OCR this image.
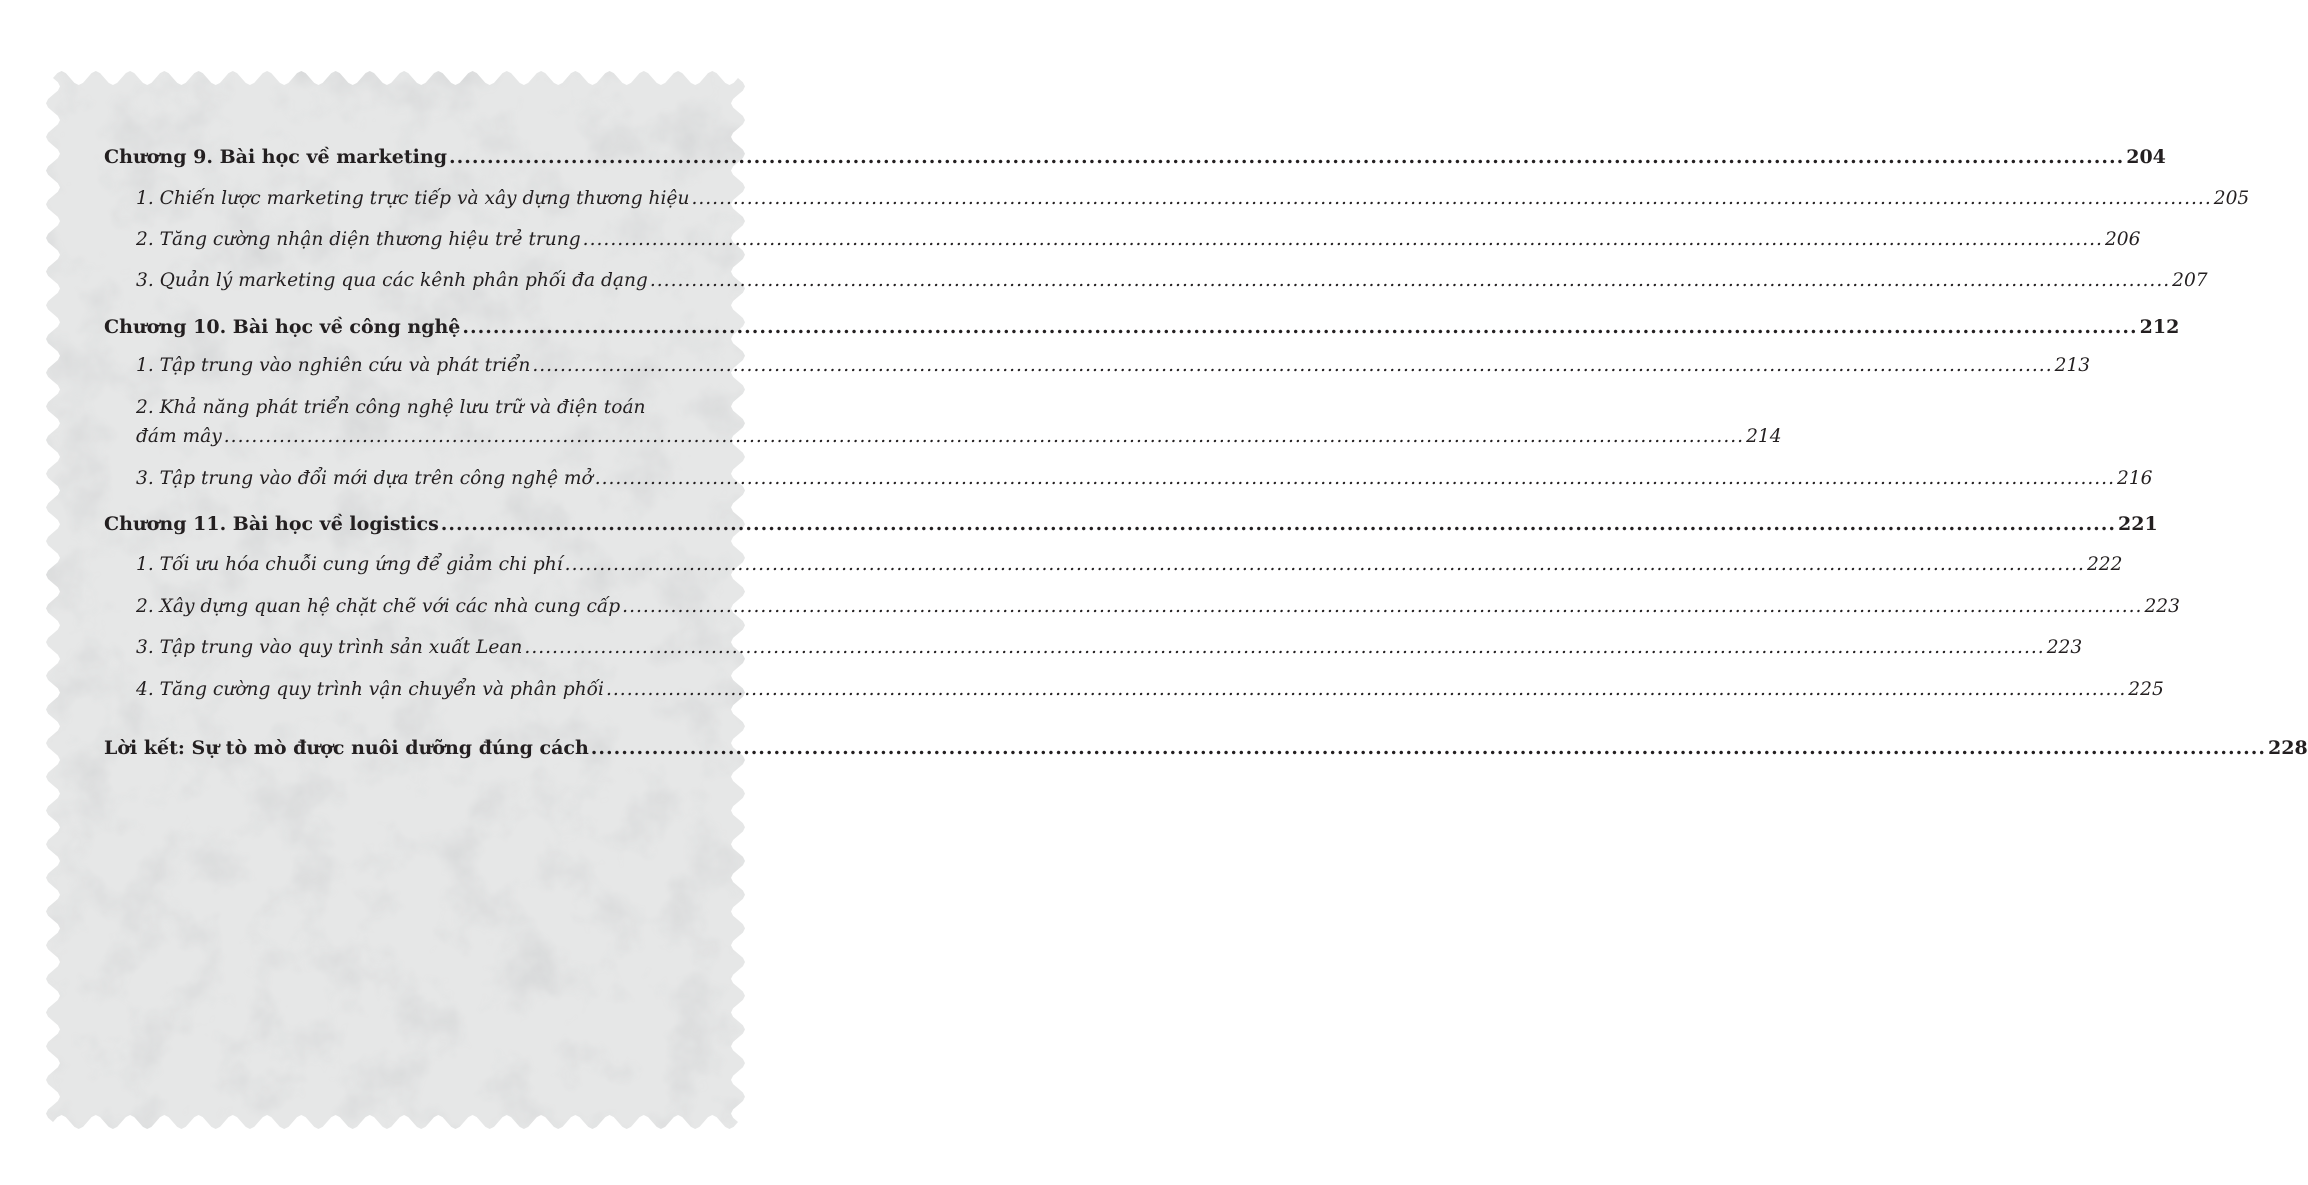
Chương 9. Bài học về marketing ............................................................................................................................................................................................................................ 204
1. Chiến lược marketing trực tiếp và xây dựng thương hiệu ............................................................................................................................................................................................................................ 205
2. Tăng cường nhận diện thương hiệu trẻ trung ............................................................................................................................................................................................................................ 206
3. Quản lý marketing qua các kênh phân phối đa dạng ............................................................................................................................................................................................................................ 207
Chương 10. Bài học về công nghệ ............................................................................................................................................................................................................................ 212
1. Tập trung vào nghiên cứu và phát triển ............................................................................................................................................................................................................................ 213
2. Khả năng phát triển công nghệ lưu trữ và điện toán
đám mây ............................................................................................................................................................................................................................ 214
3. Tập trung vào đổi mới dựa trên công nghệ mở ............................................................................................................................................................................................................................ 216
Chương 11. Bài học về logistics ............................................................................................................................................................................................................................ 221
1. Tối ưu hóa chuỗi cung ứng để giảm chi phí ............................................................................................................................................................................................................................ 222
2. Xây dựng quan hệ chặt chẽ với các nhà cung cấp ............................................................................................................................................................................................................................ 223
3. Tập trung vào quy trình sản xuất Lean ............................................................................................................................................................................................................................ 223
4. Tăng cường quy trình vận chuyển và phân phối ............................................................................................................................................................................................................................ 225
Lời kết: Sự tò mò được nuôi dưỡng đúng cách ............................................................................................................................................................................................................................ 228
